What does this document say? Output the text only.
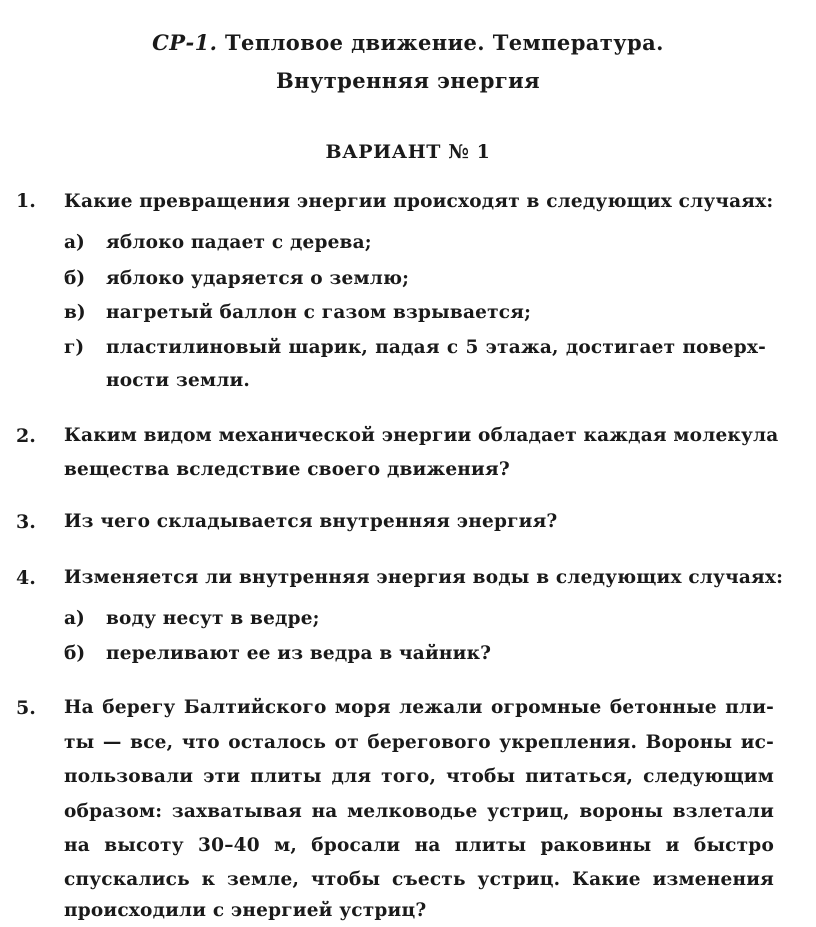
СР-1. Тепловое движение. Температура.
Внутренняя энергия
ВАРИАНТ № 1
1. Какие превращения энергии происходят в следующих случаях:
а) яблоко падает с дерева;
б) яблоко ударяется о землю;
в) нагретый баллон с газом взрывается;
г) пластилиновый шарик, падая с 5 этажа, достигает поверх-
ности земли.
2. Каким видом механической энергии обладает каждая молекула
вещества вследствие своего движения?
3. Из чего складывается внутренняя энергия?
4. Изменяется ли внутренняя энергия воды в следующих случаях:
а) воду несут в ведре;
б) переливают ее из ведра в чайник?
5. На берегу Балтийского моря лежали огромные бетонные пли-
ты — все, что осталось от берегового укрепления. Вороны ис-
пользовали эти плиты для того, чтобы питаться, следующим
образом: захватывая на мелководье устриц, вороны взлетали
на высоту 30–40 м, бросали на плиты раковины и быстро
спускались к земле, чтобы съесть устриц. Какие изменения
происходили с энергией устриц?
